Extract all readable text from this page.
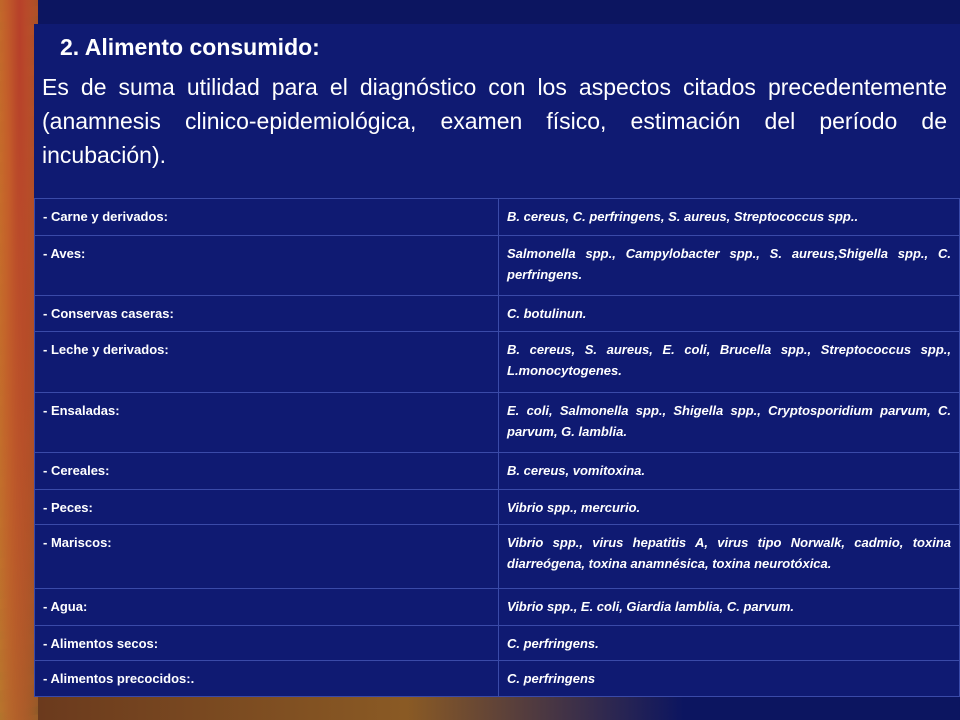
2. Alimento consumido:

Es de suma utilidad para el diagnóstico con los aspectos citados precedentemente (anamnesis clinico-epidemiológica, examen físico, estimación del período de incubación).

- Carne y derivados:	B. cereus, C. perfringens, S. aureus, Streptococcus spp..
- Aves:	Salmonella spp., Campylobacter spp., S. aureus,Shigella spp., C. perfringens.
- Conservas caseras:	C. botulinun.
- Leche y derivados:	B. cereus, S. aureus, E. coli, Brucella spp., Streptococcus spp., L.monocytogenes.
- Ensaladas:	E. coli, Salmonella spp., Shigella spp., Cryptosporidium parvum, C. parvum, G. lamblia.
- Cereales:	B. cereus, vomitoxina.
- Peces:	Vibrio spp., mercurio.
- Mariscos:	Vibrio spp., virus hepatitis A, virus tipo Norwalk, cadmio, toxina diarreógena, toxina anamnésica, toxina neurotóxica.
- Agua:	Vibrio spp., E. coli, Giardia lamblia, C. parvum.
- Alimentos secos:	C. perfringens.
- Alimentos precocidos:.	C. perfringens
